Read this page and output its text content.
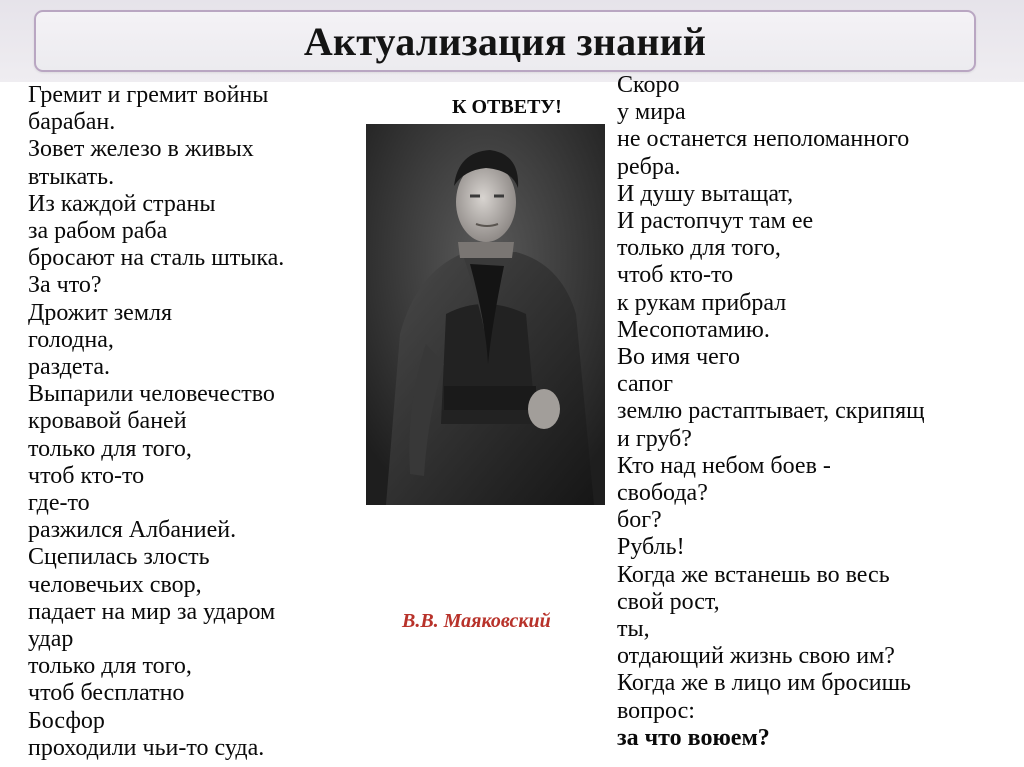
Актуализация знаний
Гремит и гремит войны
барабан.
Зовет железо в живых
втыкать.
Из каждой страны
за рабом раба
бросают на сталь штыка.
За что?
Дрожит земля
голодна,
раздета.
Выпарили человечество
кровавой баней
только для того,
чтоб кто-то
где-то
разжился Албанией.
Сцепилась злость
человечьих свор,
падает на мир за ударом
удар
только для того,
чтоб бесплатно
Босфор
проходили чьи-то суда.
К ОТВЕТУ!
В.В. Маяковский
Скоро
у мира
не останется неполоманного
ребра.
И душу вытащат,
И растопчут там ее
только для того,
чтоб кто-то
к рукам прибрал
Месопотамию.
Во имя чего
сапог
землю растаптывает, скрипящ
и груб?
Кто над небом боев -
свобода?
бог?
Рубль!
Когда же встанешь во весь
свой рост,
ты,
отдающий жизнь свою им?
Когда же в лицо им бросишь
вопрос:
за что воюем?
